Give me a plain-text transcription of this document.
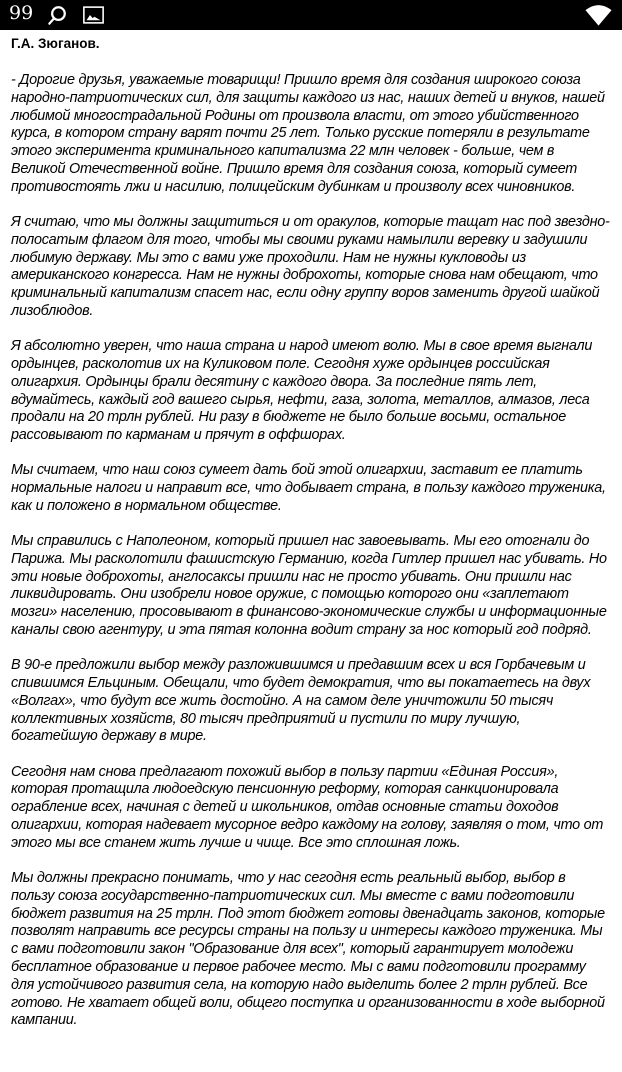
99
Г.А. Зюганов.

- Дорогие друзья, уважаемые товарищи! Пришло время для создания широкого союза народно-патриотических сил, для защиты каждого из нас, наших детей и внуков, нашей любимой многострадальной Родины от произвола власти, от этого убийственного курса, в котором страну варят почти 25 лет. Только русские потеряли в результате этого эксперимента криминального капитализма 22 млн человек - больше, чем в Великой Отечественной войне. Пришло время для создания союза, который сумеет противостоять лжи и насилию, полицейским дубинкам и произволу всех чиновников.

Я считаю, что мы должны защититься и от оракулов, которые тащат нас под звездно-полосатым флагом для того, чтобы мы своими руками намылили веревку и задушили любимую державу. Мы это с вами уже проходили. Нам не нужны кукловоды из американского конгресса. Нам не нужны доброхоты, которые снова нам обещают, что криминальный капитализм спасет нас, если одну группу воров заменить другой шайкой лизоблюдов.

Я абсолютно уверен, что наша страна и народ имеют волю. Мы в свое время выгнали ордынцев, расколотив их на Куликовом поле. Сегодня хуже ордынцев российская олигархия. Ордынцы брали десятину с каждого двора. За последние пять лет, вдумайтесь, каждый год вашего сырья, нефти, газа, золота, металлов, алмазов, леса продали на 20 трлн рублей. Ни разу в бюджете не было больше восьми, остальное рассовывают по карманам и прячут в оффшорах.

Мы считаем, что наш союз сумеет дать бой этой олигархии, заставит ее платить нормальные налоги и направит все, что добывает страна, в пользу каждого труженика, как и положено в нормальном обществе.

Мы справились с Наполеоном, который пришел нас завоевывать. Мы его отогнали до Парижа. Мы расколотили фашистскую Германию, когда Гитлер пришел нас убивать. Но эти новые доброхоты, англосаксы пришли нас не просто убивать. Они пришли нас ликвидировать. Они изобрели новое оружие, с помощью которого они «заплетают мозги» населению, просовывают в финансово-экономические службы и информационные каналы свою агентуру, и эта пятая колонна водит страну за нос который год подряд.

В 90-е предложили выбор между разложившимся и предавшим всех и вся Горбачевым и спившимся Ельциным. Обещали, что будет демократия, что вы покатаетесь на двух «Волгах», что будут все жить достойно. А на самом деле уничтожили 50 тысяч коллективных хозяйств, 80 тысяч предприятий и пустили по миру лучшую, богатейшую державу в мире.

Сегодня нам снова предлагают похожий выбор в пользу партии «Единая Россия», которая протащила людоедскую пенсионную реформу, которая санкционировала ограбление всех, начиная с детей и школьников, отдав основные статьи доходов олигархии, которая надевает мусорное ведро каждому на голову, заявляя о том, что от этого мы все станем жить лучше и чище. Все это сплошная ложь.

Мы должны прекрасно понимать, что у нас сегодня есть реальный выбор, выбор в пользу союза государственно-патриотических сил. Мы вместе с вами подготовили бюджет развития на 25 трлн. Под этот бюджет готовы двенадцать законов, которые позволят направить все ресурсы страны на пользу и интересы каждого труженика. Мы с вами подготовили закон "Образование для всех", который гарантирует молодежи бесплатное образование и первое рабочее место. Мы с вами подготовили программу для устойчивого развития села, на которую надо выделить более 2 трлн рублей. Все готово. Не хватает общей воли, общего поступка и организованности в ходе выборной кампании.
